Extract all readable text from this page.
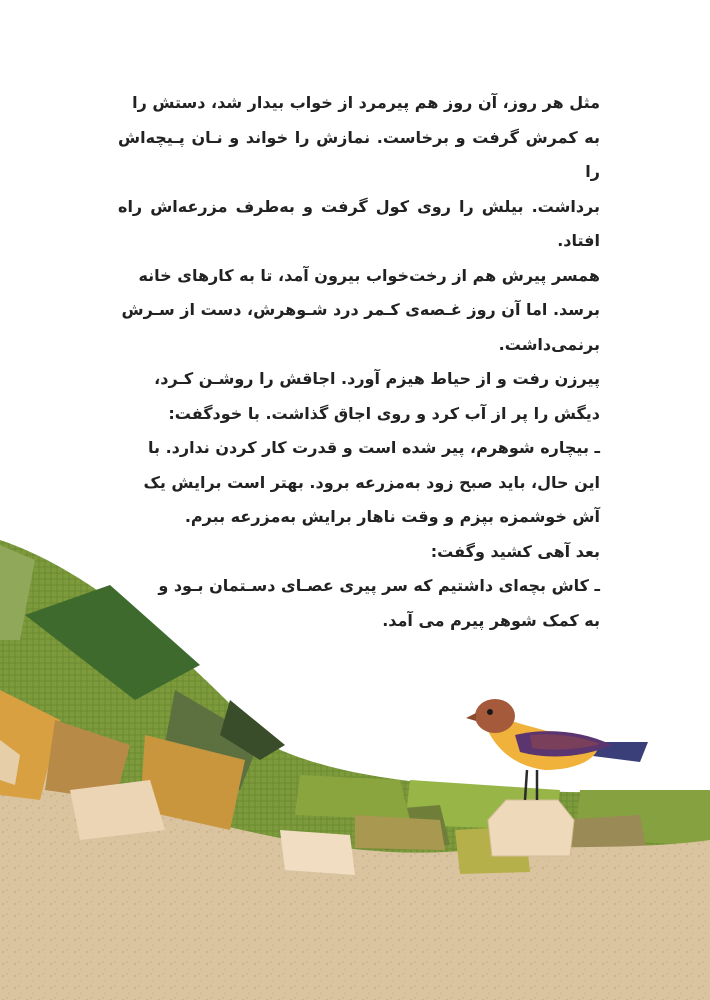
مثل هر روز، آن روز هم پیرمرد از خواب بیدار شد، دستش را
به کمرش گرفت و برخاست. نمازش را خواند و نـان پـیچه‌اش را
برداشت. بیلش را روی کول گرفت و به‌طرف مزرعه‌اش راه افتاد.

همسر پیرش هم از رخت‌خواب بیرون آمد، تا به کارهای خانه
برسد. اما آن روز غـصه‌ی کـمر درد شـوهرش، دست از سـرش
برنمی‌داشت.

پیرزن رفت و از حیاط هیزم آورد. اجاقش را روشـن کـرد،
دیگش را پر از آب کرد و روی اجاق گذاشت. با خودگفت:

ـ بیچاره شوهرم، پیر شده است و قدرت کار کردن ندارد. با
این حال، باید صبح زود به‌مزرعه برود. بهتر است برایش یک
آش خوشمزه بپزم و وقت ناهار برایش به‌مزرعه ببرم.

بعد آهی کشید وگفت:

ـ کاش بچه‌ای داشتیم که سر پیری عصـای دسـتمان بـود و
به کمک شوهر پیرم می آمد.
